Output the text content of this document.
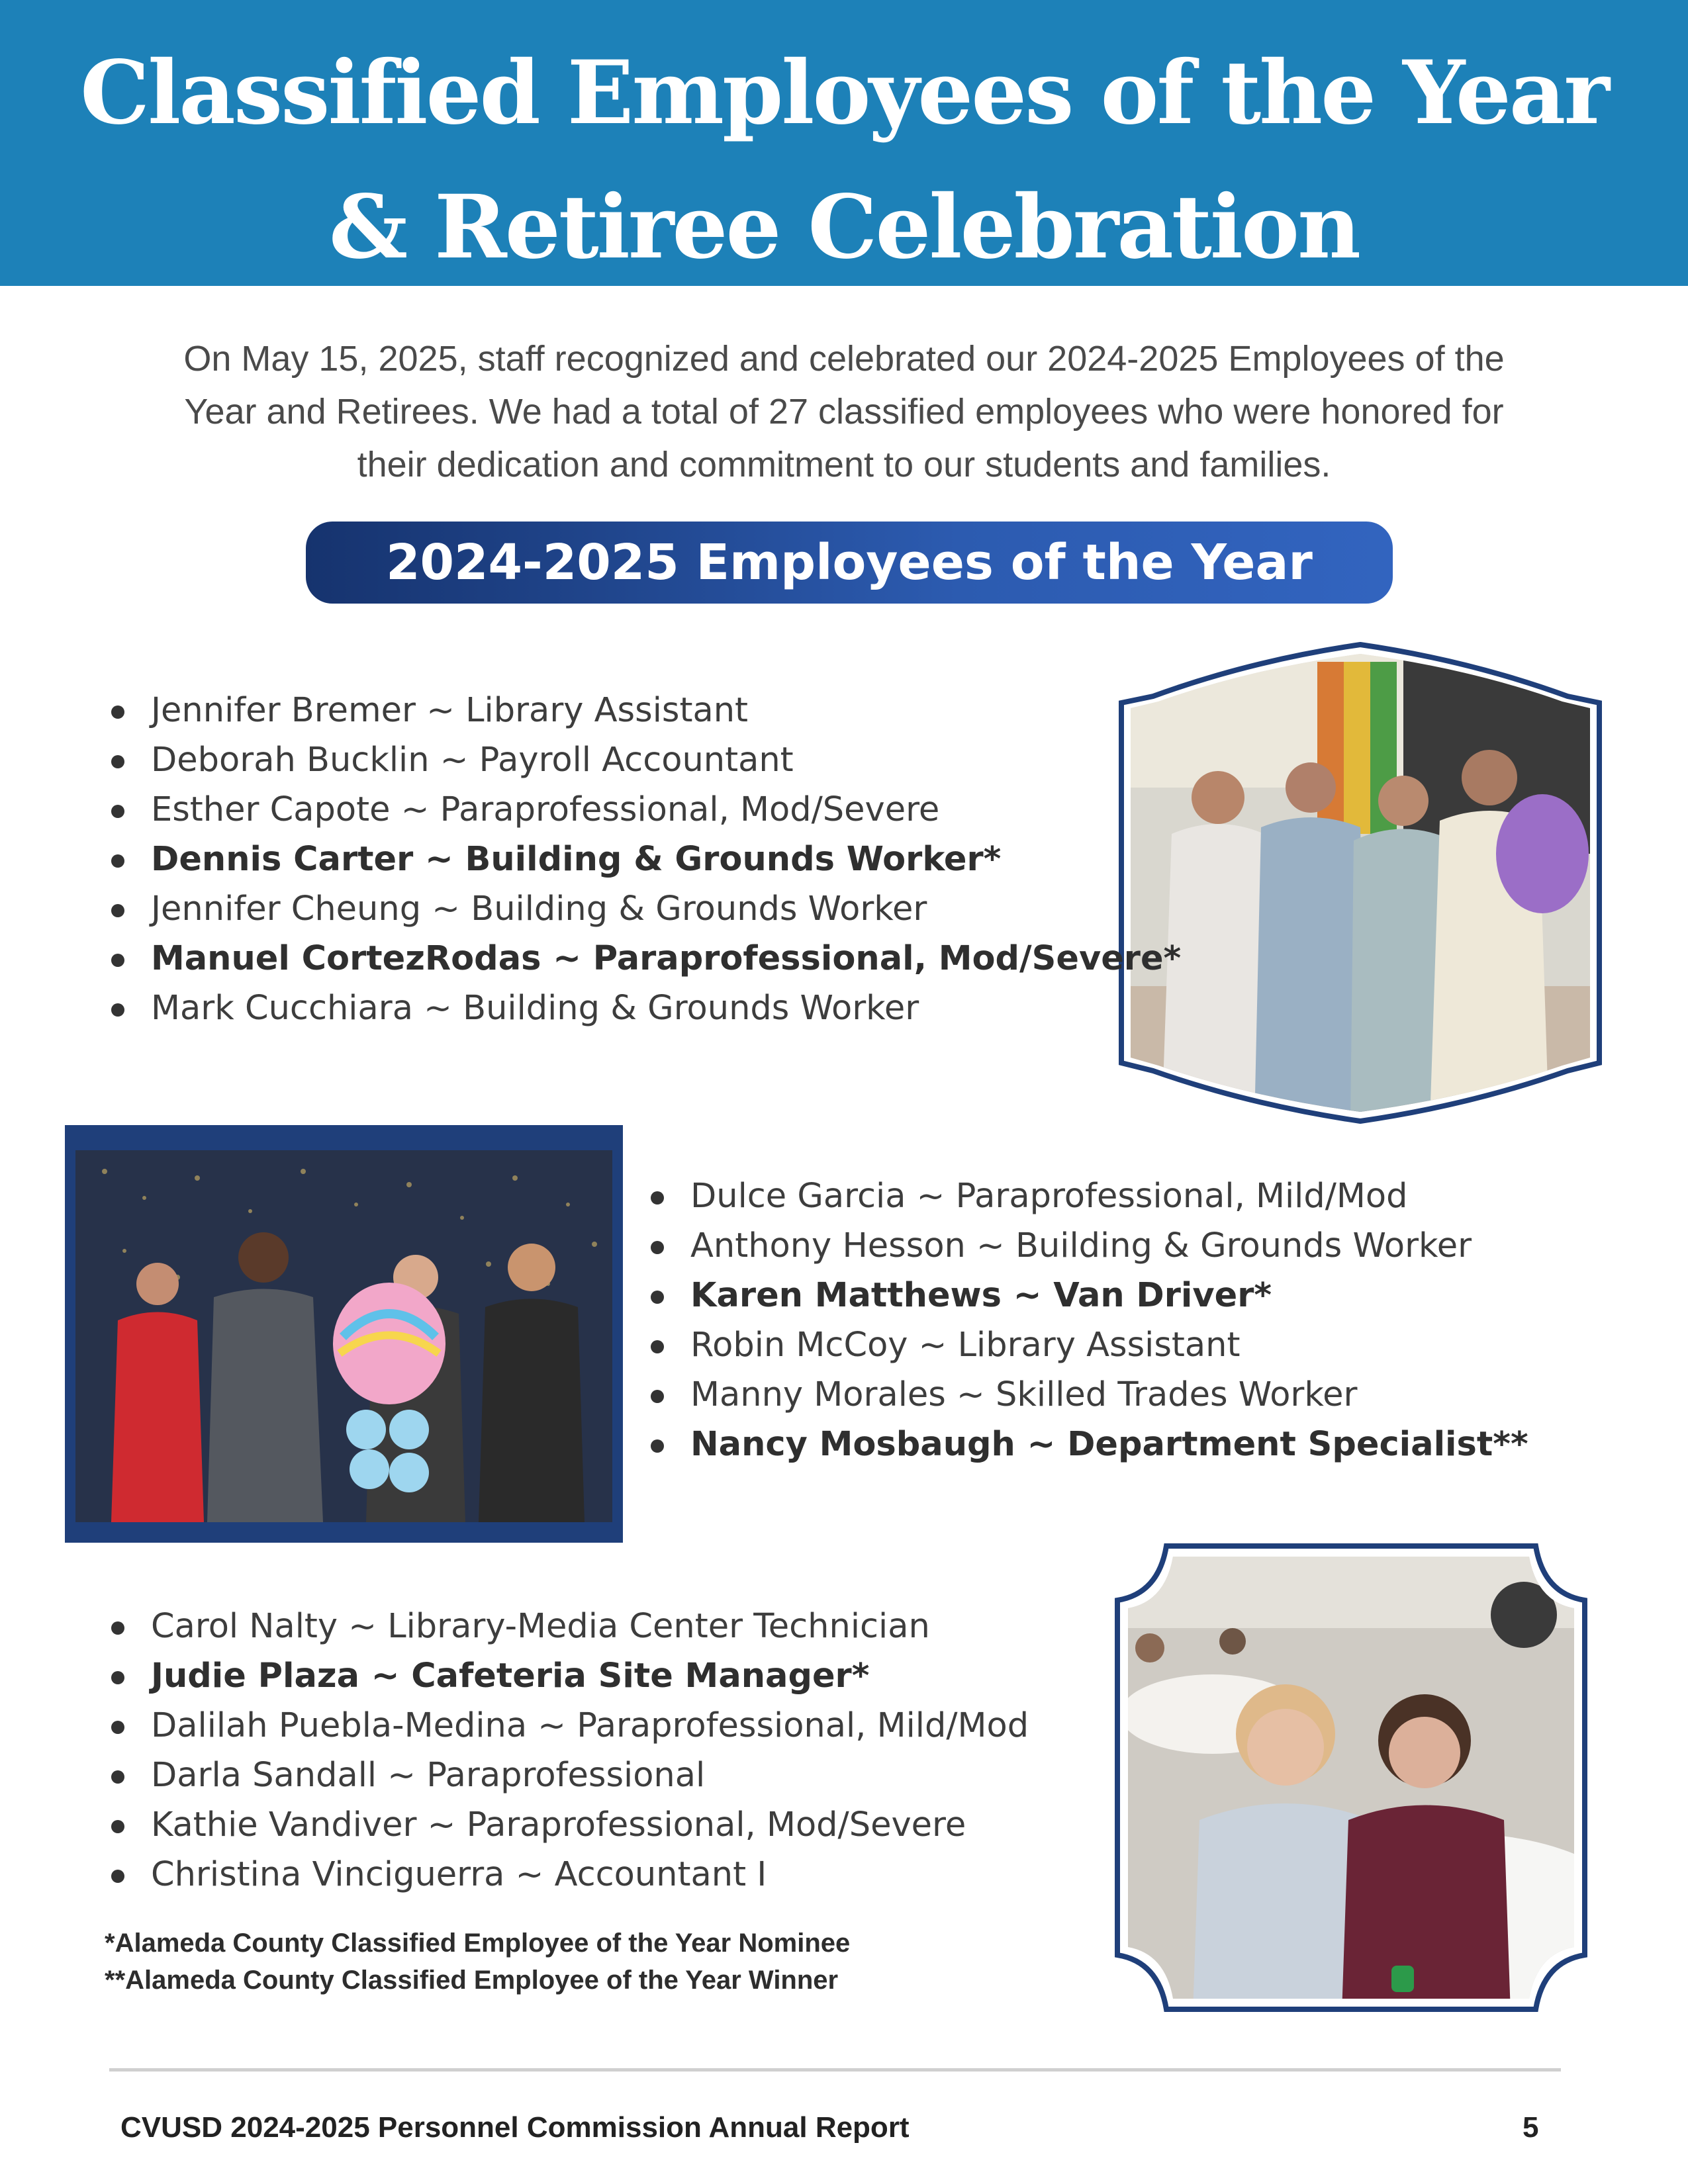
Classified Employees of the Year
& Retiree Celebration
On May 15, 2025, staff recognized and celebrated our 2024-2025 Employees of the
Year and Retirees. We had a total of 27 classified employees who were honored for
their dedication and commitment to our students and families.
2024-2025 Employees of the Year
Jennifer Bremer ~ Library Assistant
Deborah Bucklin ~ Payroll Accountant
Esther Capote ~ Paraprofessional, Mod/Severe
Dennis Carter ~ Building & Grounds Worker*
Jennifer Cheung ~ Building & Grounds Worker
Manuel CortezRodas ~ Paraprofessional, Mod/Severe*
Mark Cucchiara ~ Building & Grounds Worker
Dulce Garcia ~ Paraprofessional, Mild/Mod
Anthony Hesson ~ Building & Grounds Worker
Karen Matthews ~ Van Driver*
Robin McCoy ~ Library Assistant
Manny Morales ~ Skilled Trades Worker
Nancy Mosbaugh ~ Department Specialist**
Carol Nalty ~ Library-Media Center Technician
Judie Plaza ~ Cafeteria Site Manager*
Dalilah Puebla-Medina ~ Paraprofessional, Mild/Mod
Darla Sandall ~ Paraprofessional
Kathie Vandiver ~ Paraprofessional, Mod/Severe
Christina Vinciguerra ~ Accountant I
*Alameda County Classified Employee of the Year Nominee
**Alameda County Classified Employee of the Year Winner
CVUSD 2024-2025 Personnel Commission Annual Report	5
